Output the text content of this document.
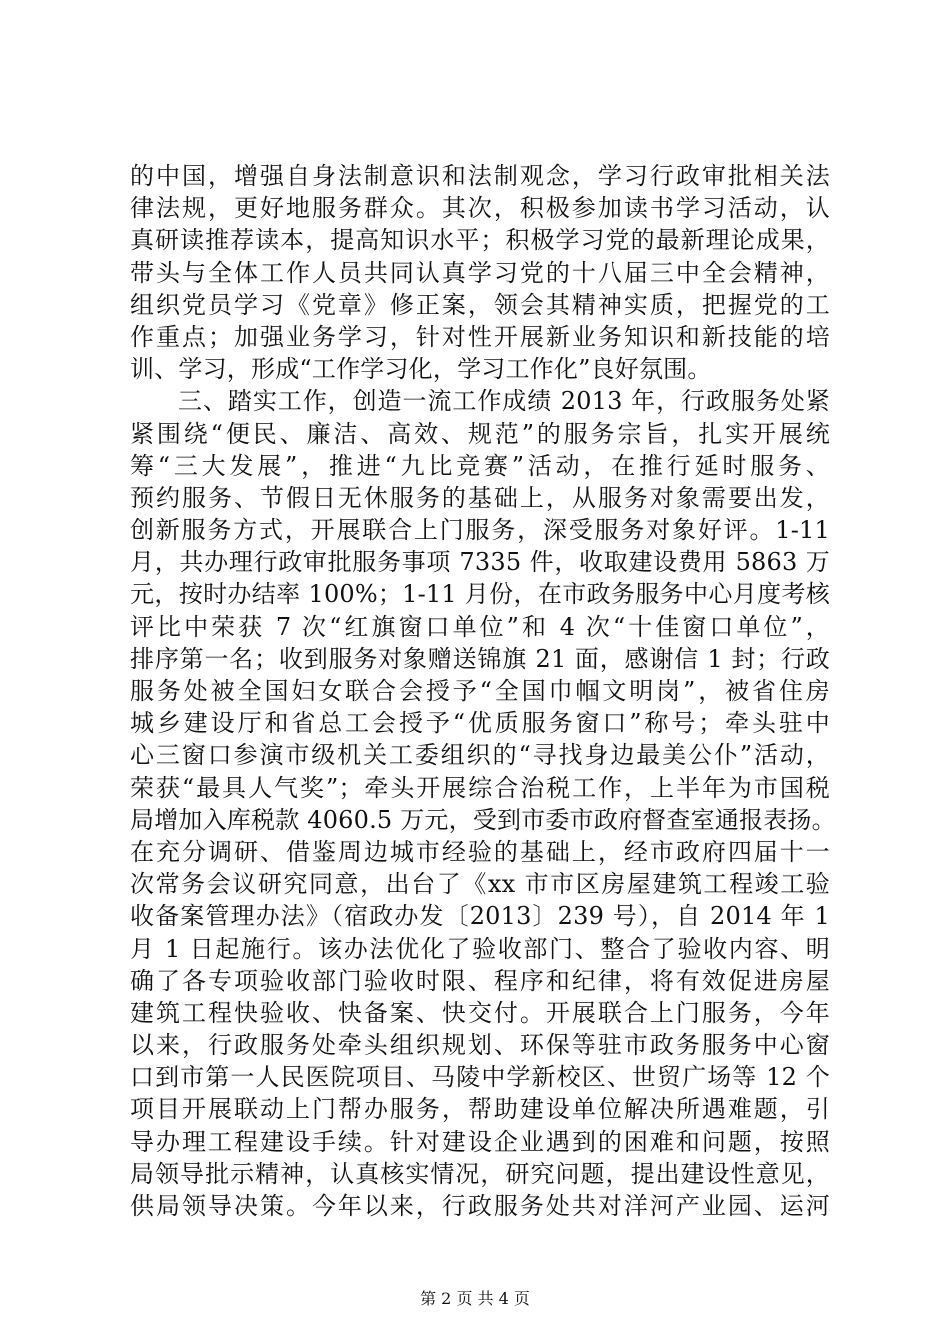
的中国，增强自身法制意识和法制观念，学习行政审批相关法
律法规，更好地服务群众。其次，积极参加读书学习活动，认
真研读推荐读本，提高知识水平；积极学习党的最新理论成果，
带头与全体工作人员共同认真学习党的十八届三中全会精神，
组织党员学习《党章》修正案，领会其精神实质，把握党的工
作重点；加强业务学习，针对性开展新业务知识和新技能的培
训、学习，形成“工作学习化，学习工作化”良好氛围。
三、踏实工作，创造一流工作成绩 2013 年，行政服务处紧
紧围绕“便民、廉洁、高效、规范”的服务宗旨，扎实开展统
筹“三大发展”，推进“九比竞赛”活动，在推行延时服务、
预约服务、节假日无休服务的基础上，从服务对象需要出发，
创新服务方式，开展联合上门服务，深受服务对象好评。1-11
月，共办理行政审批服务事项 7335 件，收取建设费用 5863 万
元，按时办结率 100%；1-11 月份，在市政务服务中心月度考核
评比中荣获 7 次“红旗窗口单位”和 4 次“十佳窗口单位”，
排序第一名；收到服务对象赠送锦旗 21 面，感谢信 1 封；行政
服务处被全国妇女联合会授予“全国巾帼文明岗”，被省住房
城乡建设厅和省总工会授予“优质服务窗口”称号；牵头驻中
心三窗口参演市级机关工委组织的“寻找身边最美公仆”活动，
荣获“最具人气奖”；牵头开展综合治税工作，上半年为市国税
局增加入库税款 4060.5 万元，受到市委市政府督查室通报表扬。
在充分调研、借鉴周边城市经验的基础上，经市政府四届十一
次常务会议研究同意，出台了《xx 市市区房屋建筑工程竣工验
收备案管理办法》（宿政办发〔2013〕239 号），自 2014 年 1
月 1 日起施行。该办法优化了验收部门、整合了验收内容、明
确了各专项验收部门验收时限、程序和纪律，将有效促进房屋
建筑工程快验收、快备案、快交付。开展联合上门服务，今年
以来，行政服务处牵头组织规划、环保等驻市政务服务中心窗
口到市第一人民医院项目、马陵中学新校区、世贸广场等 12 个
项目开展联动上门帮办服务，帮助建设单位解决所遇难题，引
导办理工程建设手续。针对建设企业遇到的困难和问题，按照
局领导批示精神，认真核实情况，研究问题，提出建设性意见，
供局领导决策。今年以来，行政服务处共对洋河产业园、运河
第 2 页 共 4 页
